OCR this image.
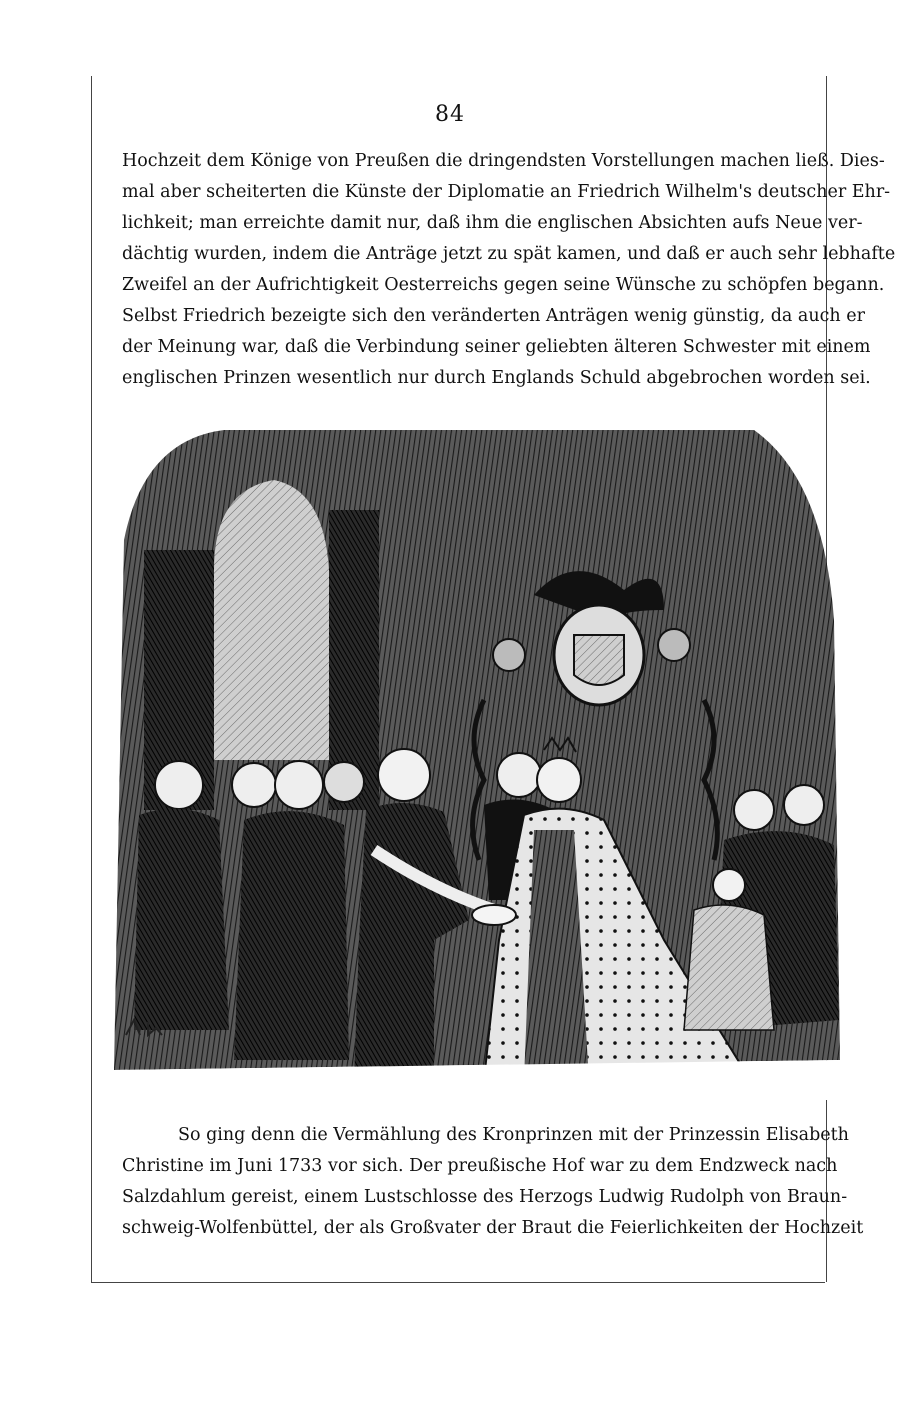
84
Hochzeit dem Könige von Preußen die dringendsten Vorstellungen machen ließ. Dies-
mal aber scheiterten die Künste der Diplomatie an Friedrich Wilhelm's deutscher Ehr-
lichkeit; man erreichte damit nur, daß ihm die englischen Absichten aufs Neue ver-
dächtig wurden, indem die Anträge jetzt zu spät kamen, und daß er auch sehr lebhafte
Zweifel an der Aufrichtigkeit Oesterreichs gegen seine Wünsche zu schöpfen begann.
Selbst Friedrich bezeigte sich den veränderten Anträgen wenig günstig, da auch er
der Meinung war, daß die Verbindung seiner geliebten älteren Schwester mit einem
englischen Prinzen wesentlich nur durch Englands Schuld abgebrochen worden sei.
So ging denn die Vermählung des Kronprinzen mit der Prinzessin Elisabeth
Christine im Juni 1733 vor sich. Der preußische Hof war zu dem Endzweck nach
Salzdahlum gereist, einem Lustschlosse des Herzogs Ludwig Rudolph von Braun-
schweig-Wolfenbüttel, der als Großvater der Braut die Feierlichkeiten der Hochzeit
